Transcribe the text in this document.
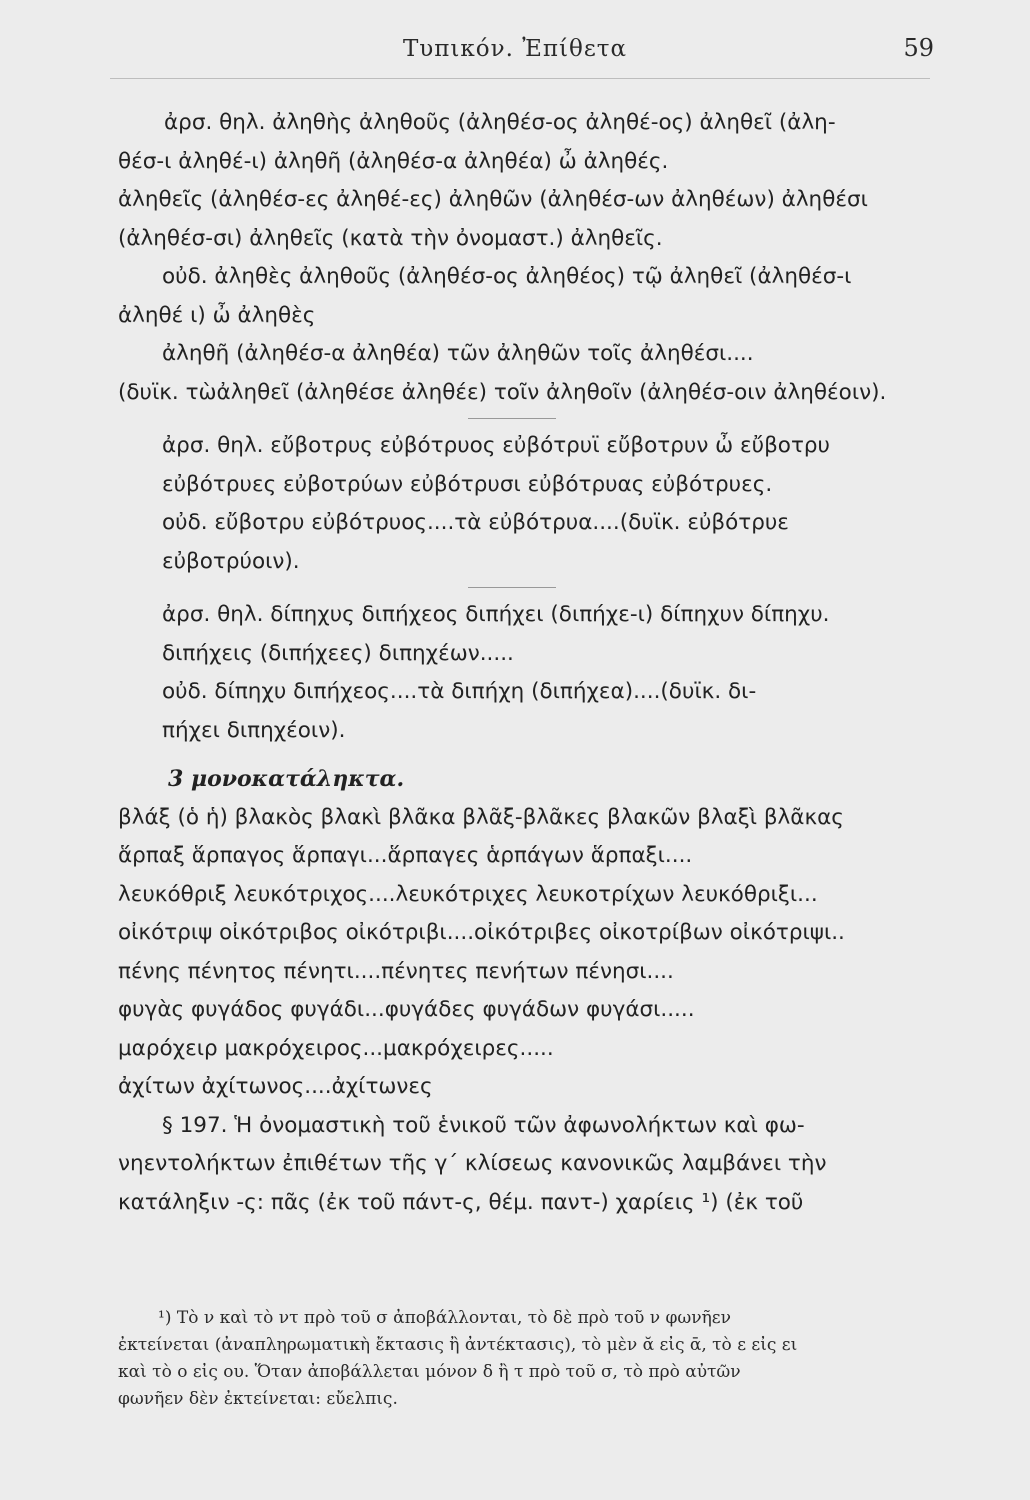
Τυπικόν. Ἐπίθετα	59
ἀρσ. θηλ. ἀληθὴς ἀληθοῦς (ἀληθέσ-ος ἀληθέ-ος) ἀληθεῖ (ἀλη-
θέσ-ι ἀληθέ-ι) ἀληθῆ (ἀληθέσ-α ἀληθέα) ὦ ἀληθές.
ἀληθεῖς (ἀληθέσ-ες ἀληθέ-ες) ἀληθῶν (ἀληθέσ-ων ἀληθέων) ἀληθέσι
(ἀληθέσ-σι) ἀληθεῖς (κατὰ τὴν ὀνομαστ.) ἀληθεῖς.
οὐδ. ἀληθὲς ἀληθοῦς (ἀληθέσ-ος ἀληθέος) τῷ ἀληθεῖ (ἀληθέσ-ι
ἀληθέ ι) ὦ ἀληθὲς
ἀληθῆ (ἀληθέσ-α ἀληθέα) τῶν ἀληθῶν τοῖς ἀληθέσι....
(δυϊκ. τὼἀληθεῖ (ἀληθέσε ἀληθέε) τοῖν ἀληθοῖν (ἀληθέσ-οιν ἀληθέοιν).
ἀρσ. θηλ. εὔβοτρυς εὐβότρυος εὐβότρυϊ εὔβοτρυν ὦ εὔβοτρυ
εὐβότρυες εὐβοτρύων εὐβότρυσι εὐβότρυας εὐβότρυες.
οὐδ. εὔβοτρυ εὐβότρυος....τὰ εὐβότρυα....(δυϊκ. εὐβότρυε
εὐβοτρύοιν).
ἀρσ. θηλ. δίπηχυς διπήχεος διπήχει (διπήχε-ι) δίπηχυν δίπηχυ.
διπήχεις (διπήχεες) διπηχέων.....
οὐδ. δίπηχυ διπήχεος....τὰ διπήχη (διπήχεα)....(δυϊκ. δι-
πήχει διπηχέοιν).
3 μονοκατάληκτα.
βλάξ (ὁ ἡ) βλακὸς βλακὶ βλᾶκα βλᾶξ-βλᾶκες βλακῶν βλαξὶ βλᾶκας
ἅρπαξ ἅρπαγος ἅρπαγι...ἅρπαγες ἁρπάγων ἅρπαξι....
λευκόθριξ λευκότριχος....λευκότριχες λευκοτρίχων λευκόθριξι...
οἰκότριψ οἰκότριβος οἰκότριβι....οἰκότριβες οἰκοτρίβων οἰκότριψι..
πένης πένητος πένητι....πένητες πενήτων πένησι....
φυγὰς φυγάδος φυγάδι...φυγάδες φυγάδων φυγάσι.....
μαρόχειρ μακρόχειρος...μακρόχειρες.....
ἀχίτων ἀχίτωνος....ἀχίτωνες
§ 197. Ἡ ὀνομαστικὴ τοῦ ἑνικοῦ τῶν ἀφωνολήκτων καὶ φω-
νηεντολήκτων ἐπιθέτων τῆς γ´ κλίσεως κανονικῶς λαμβάνει τὴν
κατάληξιν -ς: πᾶς (ἐκ τοῦ πάντ-ς, θέμ. παντ-) χαρίεις ¹) (ἐκ τοῦ
¹) Τὸ ν καὶ τὸ ντ πρὸ τοῦ σ ἀποβάλλονται, τὸ δὲ πρὸ τοῦ ν φωνῆεν
ἐκτείνεται (ἀναπληρωματικὴ ἔκτασις ἢ ἀντέκτασις), τὸ μὲν ᾰ εἰς ᾱ, τὸ ε εἰς ει
καὶ τὸ ο εἰς ου. Ὅταν ἀποβάλλεται μόνον δ ἢ τ πρὸ τοῦ σ, τὸ πρὸ αὐτῶν
φωνῆεν δὲν ἐκτείνεται: εὔελπις.
